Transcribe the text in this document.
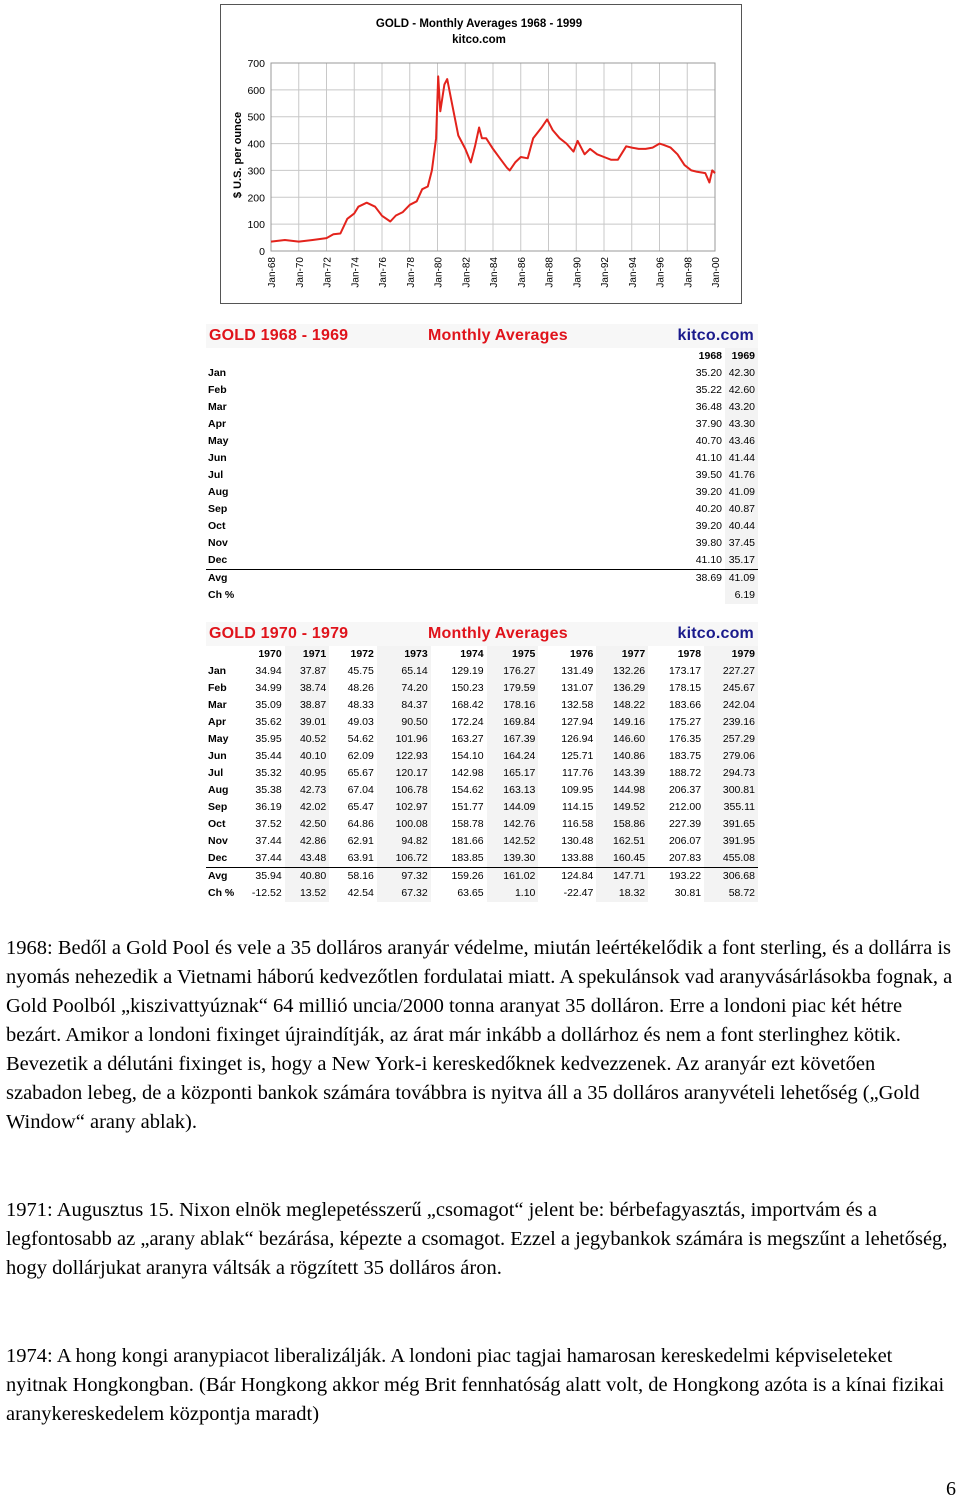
GOLD - Monthly Averages 1968 - 1999
kitco.com
$ U.S. per ounce
0
100
200
300
400
500
600
700
Jan-68 Jan-70 Jan-72 Jan-74 Jan-76 Jan-78 Jan-80 Jan-82 Jan-84 Jan-86 Jan-88 Jan-90 Jan-92 Jan-94 Jan-96 Jan-98 Jan-00
GOLD 1968 - 1969	Monthly Averages	kitco.com
	1968	1969
Jan	35.20	42.30
Feb	35.22	42.60
Mar	36.48	43.20
Apr	37.90	43.30
May	40.70	43.46
Jun	41.10	41.44
Jul	39.50	41.76
Aug	39.20	41.09
Sep	40.20	40.87
Oct	39.20	40.44
Nov	39.80	37.45
Dec	41.10	35.17
Avg	38.69	41.09
Ch %		6.19
GOLD 1970 - 1979	Monthly Averages	kitco.com
	1970	1971	1972	1973	1974	1975	1976	1977	1978	1979
Jan	34.94	37.87	45.75	65.14	129.19	176.27	131.49	132.26	173.17	227.27
Feb	34.99	38.74	48.26	74.20	150.23	179.59	131.07	136.29	178.15	245.67
Mar	35.09	38.87	48.33	84.37	168.42	178.16	132.58	148.22	183.66	242.04
Apr	35.62	39.01	49.03	90.50	172.24	169.84	127.94	149.16	175.27	239.16
May	35.95	40.52	54.62	101.96	163.27	167.39	126.94	146.60	176.35	257.29
Jun	35.44	40.10	62.09	122.93	154.10	164.24	125.71	140.86	183.75	279.06
Jul	35.32	40.95	65.67	120.17	142.98	165.17	117.76	143.39	188.72	294.73
Aug	35.38	42.73	67.04	106.78	154.62	163.13	109.95	144.98	206.37	300.81
Sep	36.19	42.02	65.47	102.97	151.77	144.09	114.15	149.52	212.00	355.11
Oct	37.52	42.50	64.86	100.08	158.78	142.76	116.58	158.86	227.39	391.65
Nov	37.44	42.86	62.91	94.82	181.66	142.52	130.48	162.51	206.07	391.95
Dec	37.44	43.48	63.91	106.72	183.85	139.30	133.88	160.45	207.83	455.08
Avg	35.94	40.80	58.16	97.32	159.26	161.02	124.84	147.71	193.22	306.68
Ch %	-12.52	13.52	42.54	67.32	63.65	1.10	-22.47	18.32	30.81	58.72

1968: Bedől a Gold Pool és vele a 35 dolláros aranyár védelme, miután leértékelődik a font sterling, és a dollárra is nyomás nehezedik a Vietnami háború kedvezőtlen fordulatai miatt. A spekulánsok vad aranyvásárlásokba fognak, a Gold Poolból „kiszivattyúznak“ 64 millió uncia/2000 tonna aranyat 35 dolláron. Erre a londoni piac két hétre bezárt. Amikor a londoni fixinget újraindítják, az árat már inkább a dollárhoz és nem a font sterlinghez kötik. Bevezetik a délutáni fixinget is, hogy a New York-i kereskedőknek kedvezzenek. Az aranyár ezt követően szabadon lebeg, de a központi bankok számára továbbra is nyitva áll a 35 dolláros aranyvételi lehetőség („Gold Window“ arany ablak).

1971: Augusztus 15. Nixon elnök meglepetésszerű „csomagot“ jelent be: bérbefagyasztás, importvám és a legfontosabb az „arany ablak“ bezárása, képezte a csomagot. Ezzel a jegybankok számára is megszűnt a lehetőség, hogy dollárjukat aranyra váltsák a rögzített 35 dolláros áron.

1974: A hong kongi aranypiacot liberalizálják. A londoni piac tagjai hamarosan kereskedelmi képviseleteket nyitnak Hongkongban. (Bár Hongkong akkor még Brit fennhatóság alatt volt, de Hongkong azóta is a kínai fizikai aranykereskedelem központja maradt)

6
